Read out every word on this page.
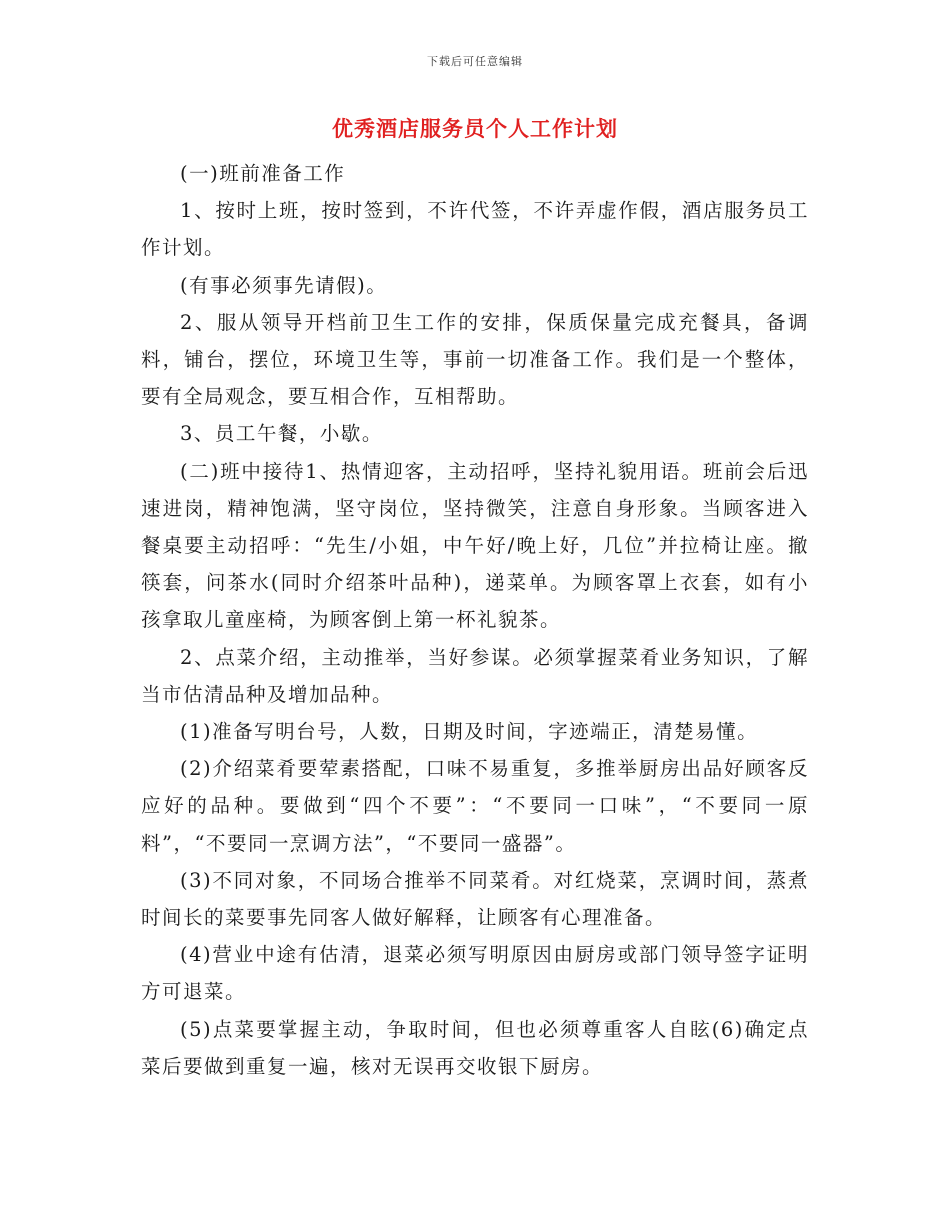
下载后可任意编辑
优秀酒店服务员个人工作计划

(一)班前准备工作

1、按时上班，按时签到，不许代签，不许弄虚作假，酒店服务员工作计划。

(有事必须事先请假)。

2、服从领导开档前卫生工作的安排，保质保量完成充餐具，备调料，铺台，摆位，环境卫生等，事前一切准备工作。我们是一个整体，要有全局观念，要互相合作，互相帮助。

3、员工午餐，小歇。

(二)班中接待1、热情迎客，主动招呼，坚持礼貌用语。班前会后迅速进岗，精神饱满，坚守岗位，坚持微笑，注意自身形象。当顾客进入餐桌要主动招呼：“先生/小姐，中午好/晚上好，几位”并拉椅让座。撤筷套，问茶水(同时介绍茶叶品种)，递菜单。为顾客罩上衣套，如有小孩拿取儿童座椅，为顾客倒上第一杯礼貌茶。

2、点菜介绍，主动推举，当好参谋。必须掌握菜肴业务知识，了解当市估清品种及增加品种。

(1)准备写明台号，人数，日期及时间，字迹端正，清楚易懂。

(2)介绍菜肴要荤素搭配，口味不易重复，多推举厨房出品好顾客反应好的品种。要做到“四个不要”：“不要同一口味”，“不要同一原料”，“不要同一烹调方法”，“不要同一盛器”。

(3)不同对象，不同场合推举不同菜肴。对红烧菜，烹调时间，蒸煮时间长的菜要事先同客人做好解释，让顾客有心理准备。

(4)营业中途有估清，退菜必须写明原因由厨房或部门领导签字证明方可退菜。

(5)点菜要掌握主动，争取时间，但也必须尊重客人自眩(6)确定点菜后要做到重复一遍，核对无误再交收银下厨房。
